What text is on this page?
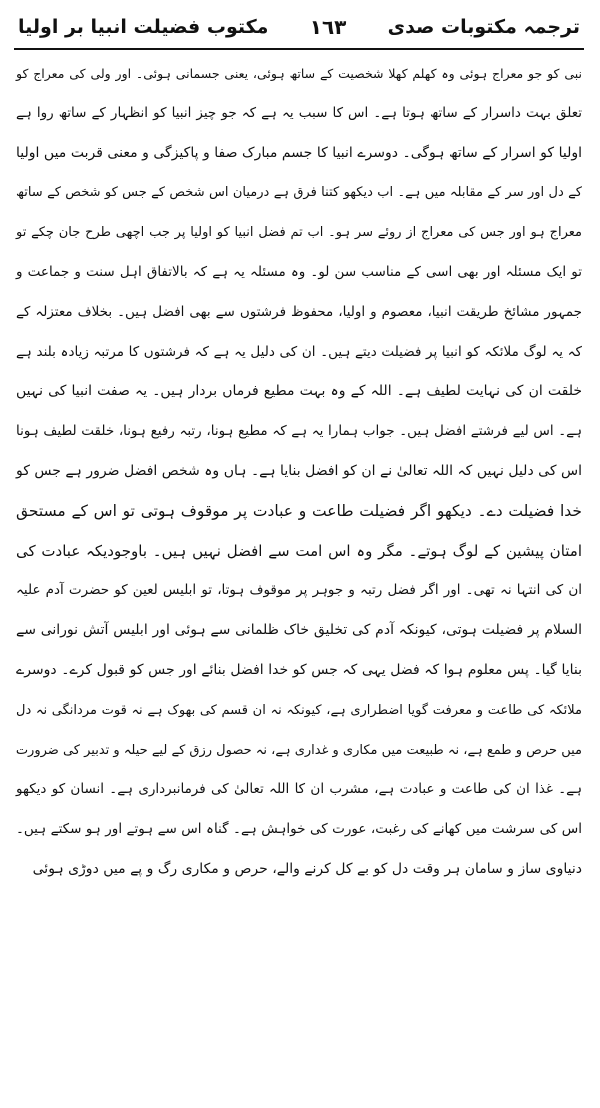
ترجمہ مکتوبات صدی
۱٦۳
مکتوب فضیلت انبیا بر اولیا
نبی کو جو معراج ہوئی وہ کھلم کھلا شخصیت کے ساتھ ہوئی، یعنی جسمانی ہوئی۔ اور ولی کی معراج کو
تعلق بہت داسرار کے ساتھ ہوتا ہے۔ اس کا سبب یہ ہے کہ جو چیز انبیا کو انظہار کے ساتھ روا ہے
اولیا کو اسرار کے ساتھ ہوگی۔ دوسرے انبیا کا جسم مبارک صفا و پاکیزگی و معنی قربت میں اولیا
کے دل اور سر کے مقابلہ میں ہے۔ اب دیکھو کتنا فرق ہے درمیان اس شخص کے جس کو شخص کے ساتھ
معراج ہو اور جس کی معراج از روئے سر ہو۔ اب تم فضل انبیا کو اولیا پر جب اچھی طرح جان چکے تو
تو ایک مسئلہ اور بھی اسی کے مناسب سن لو۔ وہ مسئلہ یہ ہے کہ بالاتفاق اہل سنت و جماعت و
جمہور مشائخ طریقت انبیا، معصوم و اولیا، محفوظ فرشتوں سے بھی افضل ہیں۔ بخلاف معتزلہ کے
کہ یہ لوگ ملائکہ کو انبیا پر فضیلت دیتے ہیں۔ ان کی دلیل یہ ہے کہ فرشتوں کا مرتبہ زیادہ بلند ہے
خلقت ان کی نہایت لطیف ہے۔ اللہ کے وہ بہت مطیع فرماں بردار ہیں۔ یہ صفت انبیا کی نہیں
ہے۔ اس لیے فرشتے افضل ہیں۔ جواب ہمارا یہ ہے کہ مطیع ہونا، رتبہ رفیع ہونا، خلقت لطیف ہونا
اس کی دلیل نہیں کہ اللہ تعالیٰ نے ان کو افضل بنایا ہے۔ ہاں وہ شخص افضل ضرور ہے جس کو
خدا فضیلت دے۔ دیکھو اگر فضیلت طاعت و عبادت پر موقوف ہوتی تو اس کے مستحق
امتان پیشین کے لوگ ہوتے۔ مگر وہ اس امت سے افضل نہیں ہیں۔ باوجودیکہ عبادت کی
ان کی انتہا نہ تھی۔ اور اگر فضل رتبہ و جوہر پر موقوف ہوتا، تو ابلیس لعین کو حضرت آدم علیہ
السلام پر فضیلت ہوتی، کیونکہ آدم کی تخلیق خاک ظلمانی سے ہوئی اور ابلیس آتش نورانی سے
بنایا گیا۔ پس معلوم ہوا کہ فضل یہی کہ جس کو خدا افضل بنائے اور جس کو قبول کرے۔ دوسرے
ملائکہ کی طاعت و معرفت گویا اضطراری ہے، کیونکہ نہ ان قسم کی بھوک ہے نہ قوت مردانگی نہ دل
میں حرص و طمع ہے، نہ طبیعت میں مکاری و غداری ہے، نہ حصول رزق کے لیے حیلہ و تدبیر کی ضرورت
ہے۔ غذا ان کی طاعت و عبادت ہے، مشرب ان کا اللہ تعالیٰ کی فرمانبرداری ہے۔ انسان کو دیکھو
اس کی سرشت میں کھانے کی رغبت، عورت کی خواہش ہے۔ گناہ اس سے ہوتے اور ہو سکتے ہیں۔
دنیاوی ساز و سامان ہر وقت دل کو بے کل کرنے والے، حرص و مکاری رگ و پے میں دوڑی ہوئی
